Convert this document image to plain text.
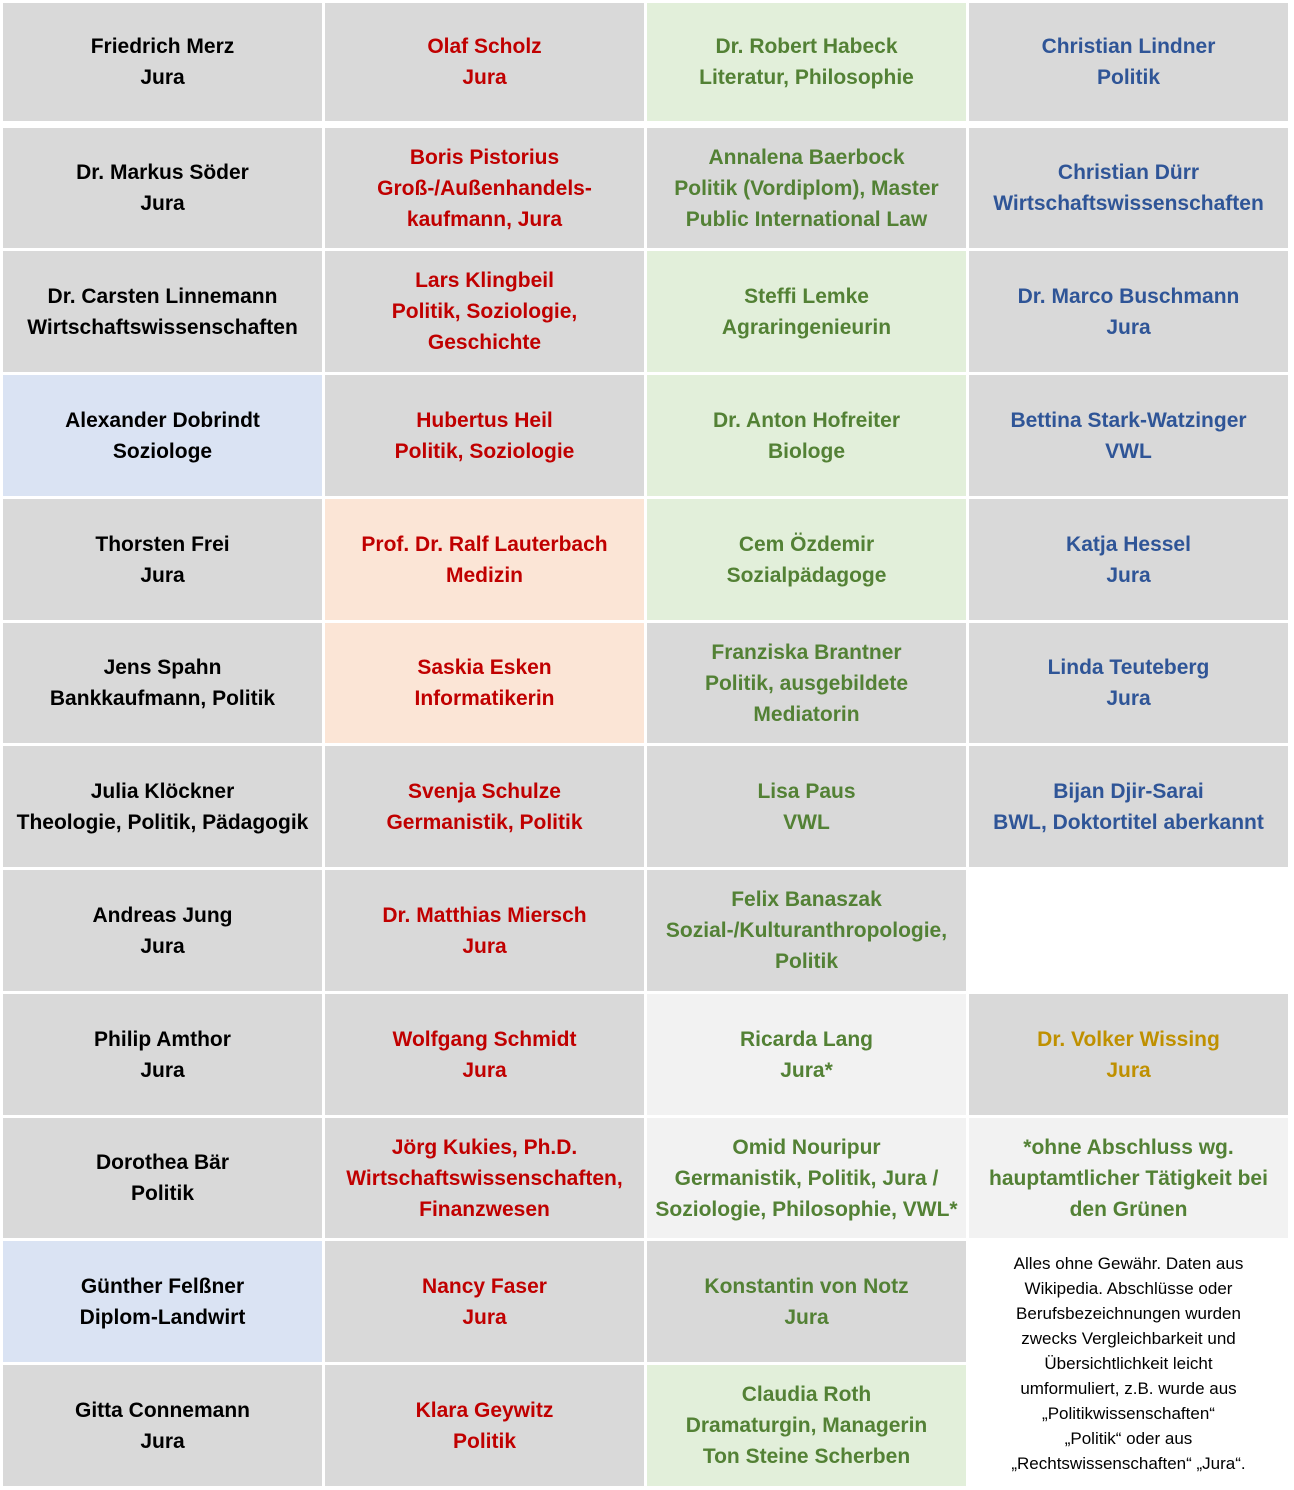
Friedrich Merz
Jura
Olaf Scholz
Jura
Dr. Robert Habeck
Literatur, Philosophie
Christian Lindner
Politik
Dr. Markus Söder
Jura
Boris Pistorius
Groß-/Außenhandels-
kaufmann, Jura
Annalena Baerbock
Politik (Vordiplom), Master
Public International Law
Christian Dürr
Wirtschaftswissenschaften
Dr. Carsten Linnemann
Wirtschaftswissenschaften
Lars Klingbeil
Politik, Soziologie,
Geschichte
Steffi Lemke
Agraringenieurin
Dr. Marco Buschmann
Jura
Alexander Dobrindt
Soziologe
Hubertus Heil
Politik, Soziologie
Dr. Anton Hofreiter
Biologe
Bettina Stark-Watzinger
VWL
Thorsten Frei
Jura
Prof. Dr. Ralf Lauterbach
Medizin
Cem Özdemir
Sozialpädagoge
Katja Hessel
Jura
Jens Spahn
Bankkaufmann, Politik
Saskia Esken
Informatikerin
Franziska Brantner
Politik, ausgebildete
Mediatorin
Linda Teuteberg
Jura
Julia Klöckner
Theologie, Politik, Pädagogik
Svenja Schulze
Germanistik, Politik
Lisa Paus
VWL
Bijan Djir-Sarai
BWL, Doktortitel aberkannt
Andreas Jung
Jura
Dr. Matthias Miersch
Jura
Felix Banaszak
Sozial-/Kulturanthropologie,
Politik
Philip Amthor
Jura
Wolfgang Schmidt
Jura
Ricarda Lang
Jura*
Dr. Volker Wissing
Jura
Dorothea Bär
Politik
Jörg Kukies, Ph.D.
Wirtschaftswissenschaften,
Finanzwesen
Omid Nouripur
Germanistik, Politik, Jura /
Soziologie, Philosophie, VWL*
*ohne Abschluss wg.
hauptamtlicher Tätigkeit bei
den Grünen
Günther Felßner
Diplom-Landwirt
Nancy Faser
Jura
Konstantin von Notz
Jura
Alles ohne Gewähr. Daten aus
Wikipedia. Abschlüsse oder
Berufsbezeichnungen wurden
zwecks Vergleichbarkeit und
Übersichtlichkeit leicht
umformuliert, z.B. wurde aus
„Politikwissenschaften“
„Politik“ oder aus
„Rechtswissenschaften“ „Jura“.
Gitta Connemann
Jura
Klara Geywitz
Politik
Claudia Roth
Dramaturgin, Managerin
Ton Steine Scherben
